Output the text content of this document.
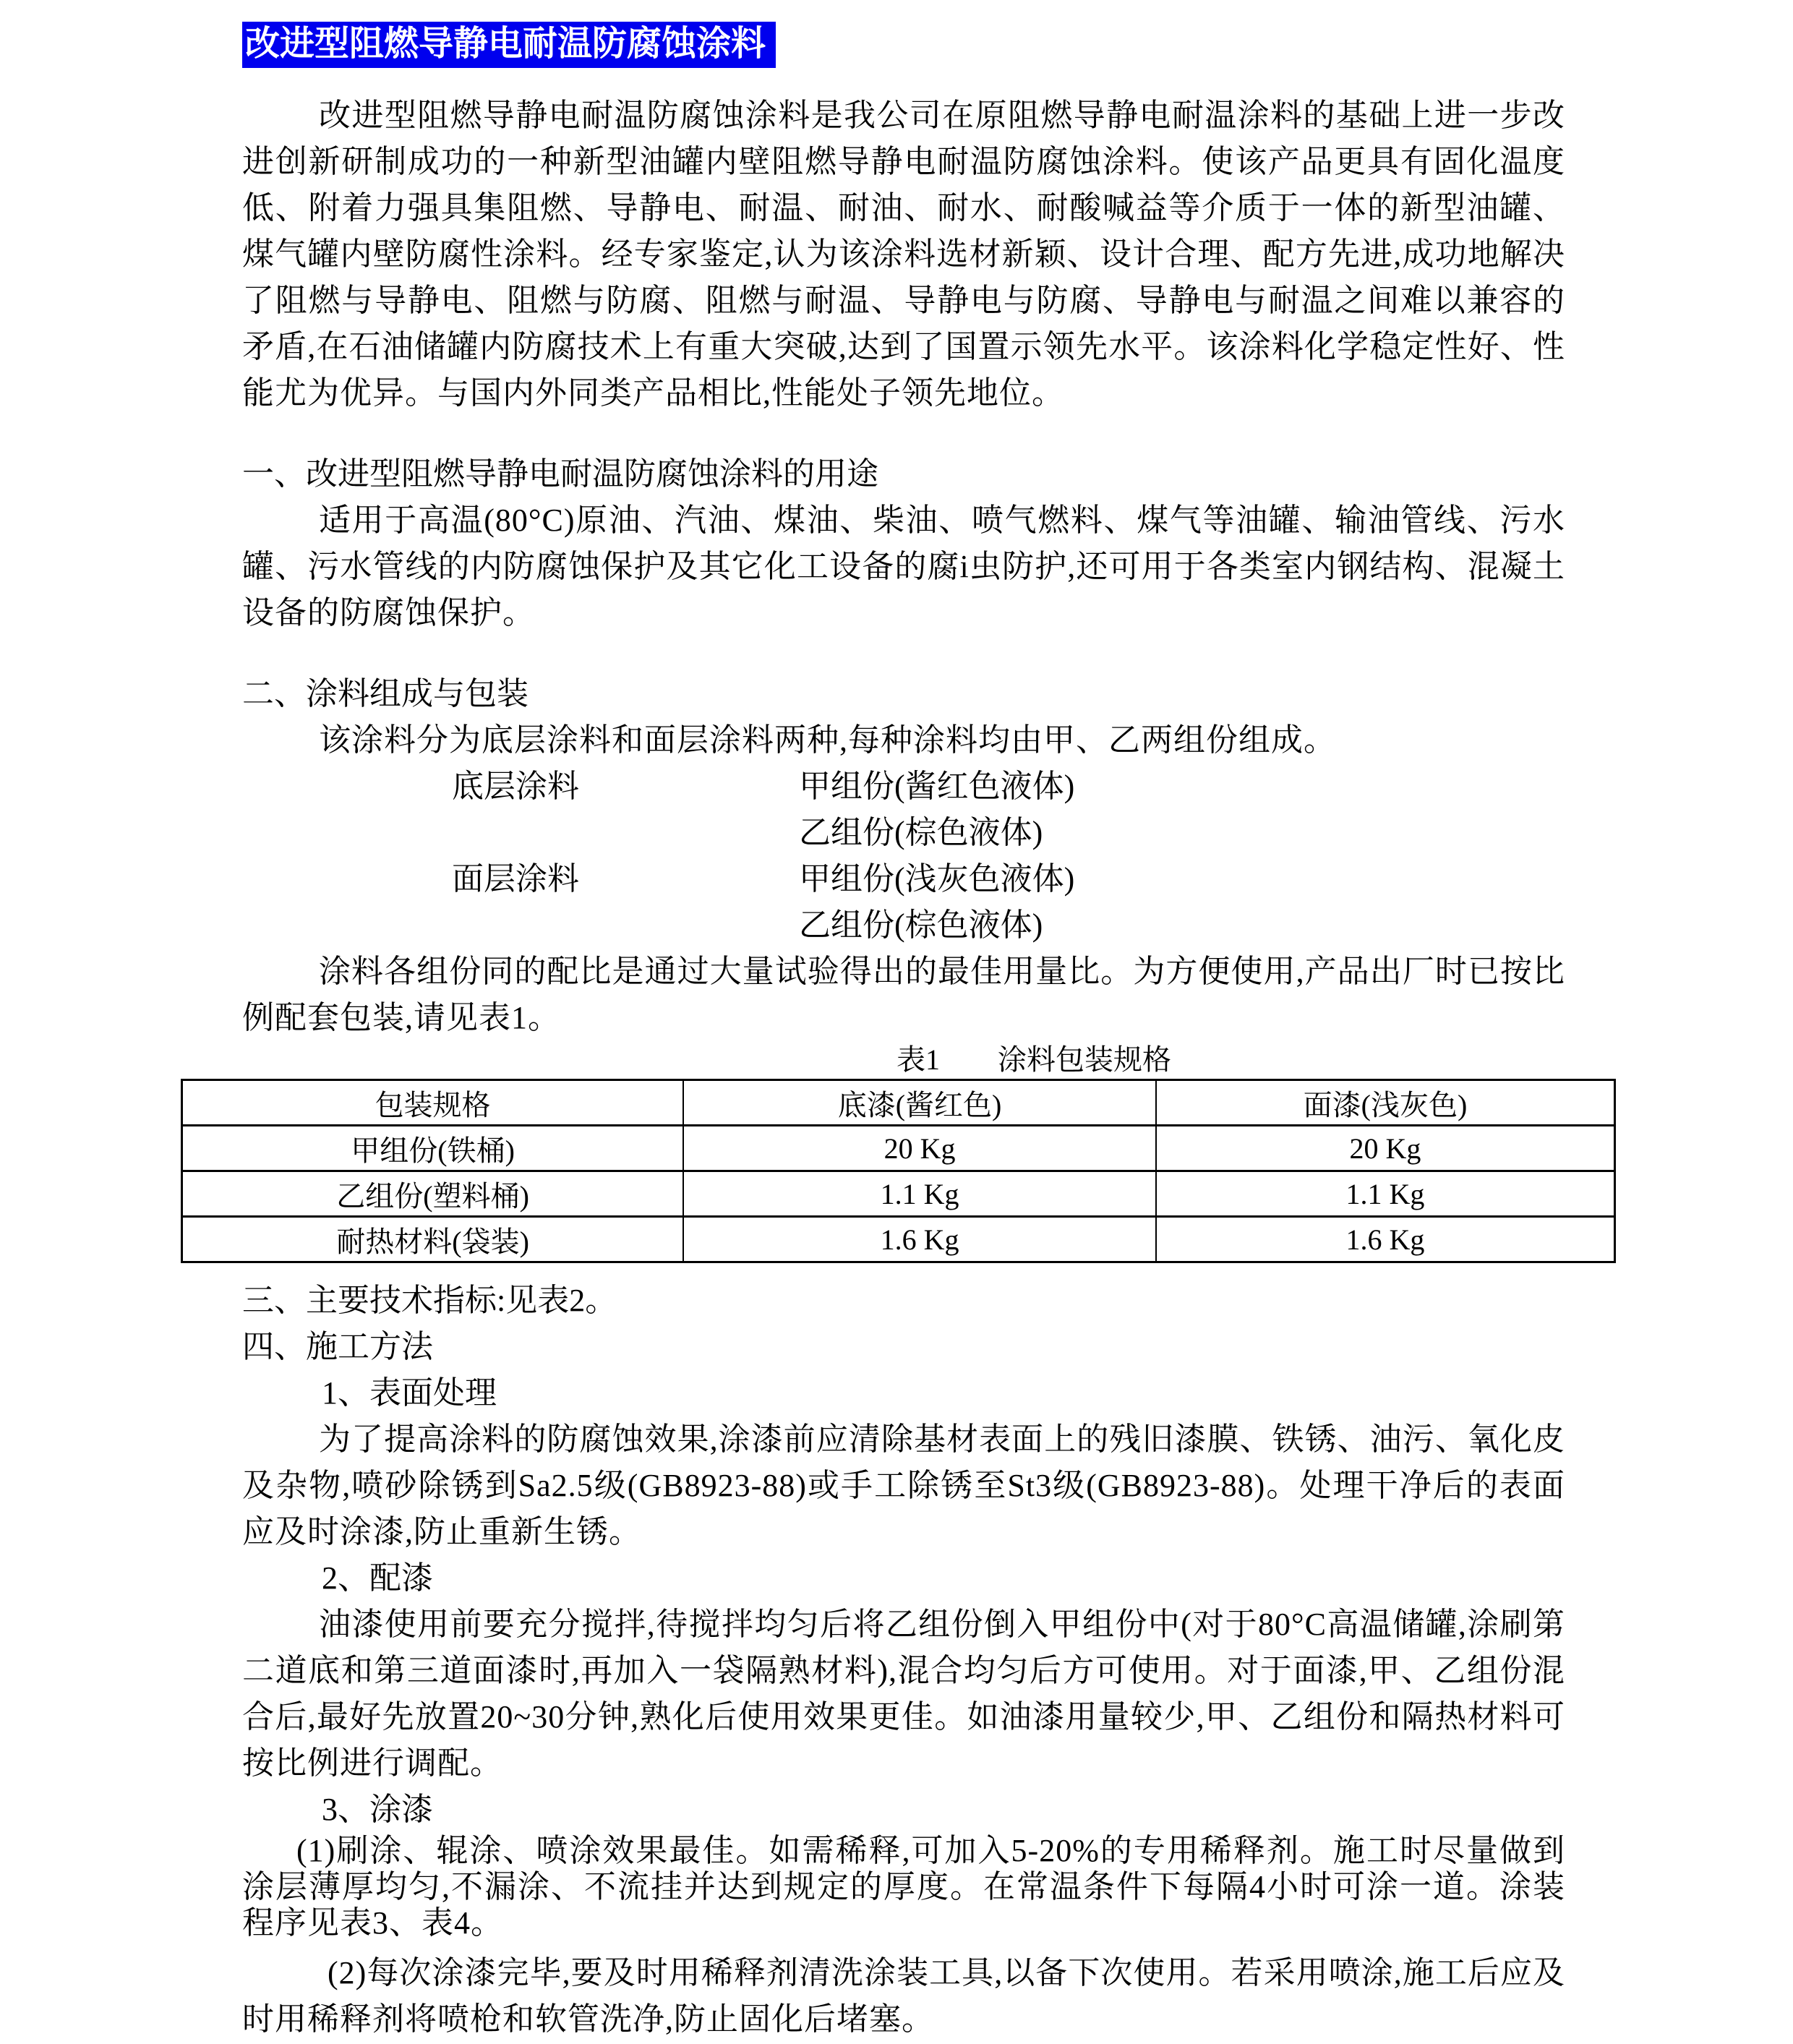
改进型阻燃导静电耐温防腐蚀涂料

改进型阻燃导静电耐温防腐蚀涂料是我公司在原阻燃导静电耐温涂料的基础上进一步改进创新研制成功的一种新型油罐内壁阻燃导静电耐温防腐蚀涂料。使该产品更具有固化温度低、附着力强具集阻燃、导静电、耐温、耐油、耐水、耐酸喊益等介质于一体的新型油罐、煤气罐内壁防腐性涂料。经专家鉴定,认为该涂料选材新颖、设计合理、配方先进,成功地解决了阻燃与导静电、阻燃与防腐、阻燃与耐温、导静电与防腐、导静电与耐温之间难以兼容的矛盾,在石油储罐内防腐技术上有重大突破,达到了国置示领先水平。该涂料化学稳定性好、性能尤为优异。与国内外同类产品相比,性能处子领先地位。

一、改进型阻燃导静电耐温防腐蚀涂料的用途

适用于高温(80°C)原油、汽油、煤油、柴油、喷气燃料、煤气等油罐、输油管线、污水罐、污水管线的内防腐蚀保护及其它化工设备的腐i虫防护,还可用于各类室内钢结构、混凝土设备的防腐蚀保护。

二、涂料组成与包装

该涂料分为底层涂料和面层涂料两种,每种涂料均由甲、乙两组份组成。

底层涂料	甲组份(酱红色液体)
乙组份(棕色液体)
面层涂料	甲组份(浅灰色液体)
乙组份(棕色液体)

涂料各组份同的配比是通过大量试验得出的最佳用量比。为方便使用,产品出厂时已按比例配套包装,请见表1。

表1　　涂料包装规格

包装规格	底漆(酱红色)	面漆(浅灰色)
甲组份(铁桶)	20 Kg	20 Kg
乙组份(塑料桶)	1.1 Kg	1.1 Kg
耐热材料(袋装)	1.6 Kg	1.6 Kg

三、主要技术指标:见表2。

四、施工方法

1、表面处理

为了提高涂料的防腐蚀效果,涂漆前应清除基材表面上的残旧漆膜、铁锈、油污、氧化皮及杂物,喷砂除锈到Sa2.5级(GB8923-88)或手工除锈至St3级(GB8923-88)。处理干净后的表面应及时涂漆,防止重新生锈。

2、配漆

油漆使用前要充分搅拌,待搅拌均匀后将乙组份倒入甲组份中(对于80°C高温储罐,涂刷第二道底和第三道面漆时,再加入一袋隔熟材料),混合均匀后方可使用。对于面漆,甲、乙组份混合后,最好先放置20~30分钟,熟化后使用效果更佳。如油漆用量较少,甲、乙组份和隔热材料可按比例进行调配。

3、涂漆

(1)刷涂、辊涂、喷涂效果最佳。如需稀释,可加入5-20%的专用稀释剂。施工时尽量做到涂层薄厚均匀,不漏涂、不流挂并达到规定的厚度。在常温条件下每隔4小时可涂一道。涂装程序见表3、表4。

(2)每次涂漆完毕,要及时用稀释剂清洗涂装工具,以备下次使用。若采用喷涂,施工后应及时用稀释剂将喷枪和软管洗净,防止固化后堵塞。
